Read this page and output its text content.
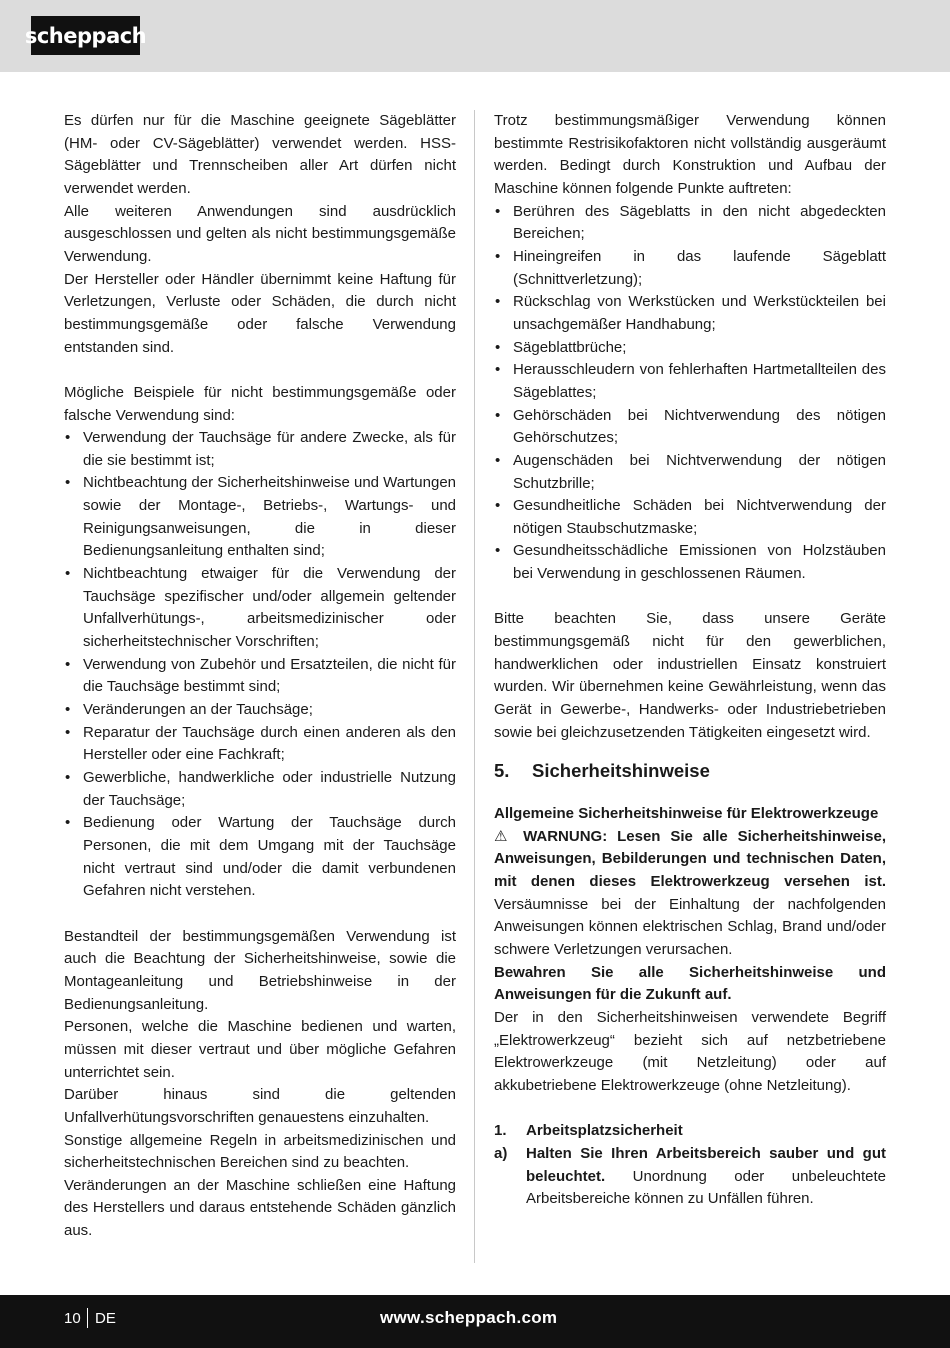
scheppach

Es dürfen nur für die Maschine geeignete Sägeblätter (HM- oder CV-Sägeblätter) verwendet werden. HSS-Sägeblätter und Trennscheiben aller Art dürfen nicht verwendet werden.

Alle weiteren Anwendungen sind ausdrücklich ausgeschlossen und gelten als nicht bestimmungsgemäße Verwendung.

Der Hersteller oder Händler übernimmt keine Haftung für Verletzungen, Verluste oder Schäden, die durch nicht bestimmungsgemäße oder falsche Verwendung entstanden sind.

Mögliche Beispiele für nicht bestimmungsgemäße oder falsche Verwendung sind:

• Verwendung der Tauchsäge für andere Zwecke, als für die sie bestimmt ist;
• Nichtbeachtung der Sicherheitshinweise und Wartungen sowie der Montage-, Betriebs-, Wartungs- und Reinigungsanweisungen, die in dieser Bedienungsanleitung enthalten sind;
• Nichtbeachtung etwaiger für die Verwendung der Tauchsäge spezifischer und/oder allgemein geltender Unfallverhütungs-, arbeitsmedizinischer oder sicherheitstechnischer Vorschriften;
• Verwendung von Zubehör und Ersatzteilen, die nicht für die Tauchsäge bestimmt sind;
• Veränderungen an der Tauchsäge;
• Reparatur der Tauchsäge durch einen anderen als den Hersteller oder eine Fachkraft;
• Gewerbliche, handwerkliche oder industrielle Nutzung der Tauchsäge;
• Bedienung oder Wartung der Tauchsäge durch Personen, die mit dem Umgang mit der Tauchsäge nicht vertraut sind und/oder die damit verbundenen Gefahren nicht verstehen.

Bestandteil der bestimmungsgemäßen Verwendung ist auch die Beachtung der Sicherheitshinweise, sowie die Montageanleitung und Betriebshinweise in der Bedienungsanleitung.

Personen, welche die Maschine bedienen und warten, müssen mit dieser vertraut und über mögliche Gefahren unterrichtet sein.

Darüber hinaus sind die geltenden Unfallverhütungsvorschriften genauestens einzuhalten.

Sonstige allgemeine Regeln in arbeitsmedizinischen und sicherheitstechnischen Bereichen sind zu beachten.

Veränderungen an der Maschine schließen eine Haftung des Herstellers und daraus entstehende Schäden gänzlich aus.

Trotz bestimmungsmäßiger Verwendung können bestimmte Restrisikofaktoren nicht vollständig ausgeräumt werden. Bedingt durch Konstruktion und Aufbau der Maschine können folgende Punkte auftreten:

• Berühren des Sägeblatts in den nicht abgedeckten Bereichen;
• Hineingreifen in das laufende Sägeblatt (Schnittverletzung);
• Rückschlag von Werkstücken und Werkstückteilen bei unsachgemäßer Handhabung;
• Sägeblattbrüche;
• Herausschleudern von fehlerhaften Hartmetallteilen des Sägeblattes;
• Gehörschäden bei Nichtverwendung des nötigen Gehörschutzes;
• Augenschäden bei Nichtverwendung der nötigen Schutzbrille;
• Gesundheitliche Schäden bei Nichtverwendung der nötigen Staubschutzmaske;
• Gesundheitsschädliche Emissionen von Holzstäuben bei Verwendung in geschlossenen Räumen.

Bitte beachten Sie, dass unsere Geräte bestimmungsgemäß nicht für den gewerblichen, handwerklichen oder industriellen Einsatz konstruiert wurden. Wir übernehmen keine Gewährleistung, wenn das Gerät in Gewerbe-, Handwerks- oder Industriebetrieben sowie bei gleichzusetzenden Tätigkeiten eingesetzt wird.

5.	Sicherheitshinweise

Allgemeine Sicherheitshinweise für Elektrowerkzeuge

⚠ WARNUNG: Lesen Sie alle Sicherheitshinweise, Anweisungen, Bebilderungen und technischen Daten, mit denen dieses Elektrowerkzeug versehen ist. Versäumnisse bei der Einhaltung der nachfolgenden Anweisungen können elektrischen Schlag, Brand und/oder schwere Verletzungen verursachen.

Bewahren Sie alle Sicherheitshinweise und Anweisungen für die Zukunft auf.

Der in den Sicherheitshinweisen verwendete Begriff „Elektrowerkzeug“ bezieht sich auf netzbetriebene Elektrowerkzeuge (mit Netzleitung) oder auf akkubetriebene Elektrowerkzeuge (ohne Netzleitung).

1.	Arbeitsplatzsicherheit
a)	Halten Sie Ihren Arbeitsbereich sauber und gut beleuchtet. Unordnung oder unbeleuchtete Arbeitsbereiche können zu Unfällen führen.
10 DE	www.scheppach.com
